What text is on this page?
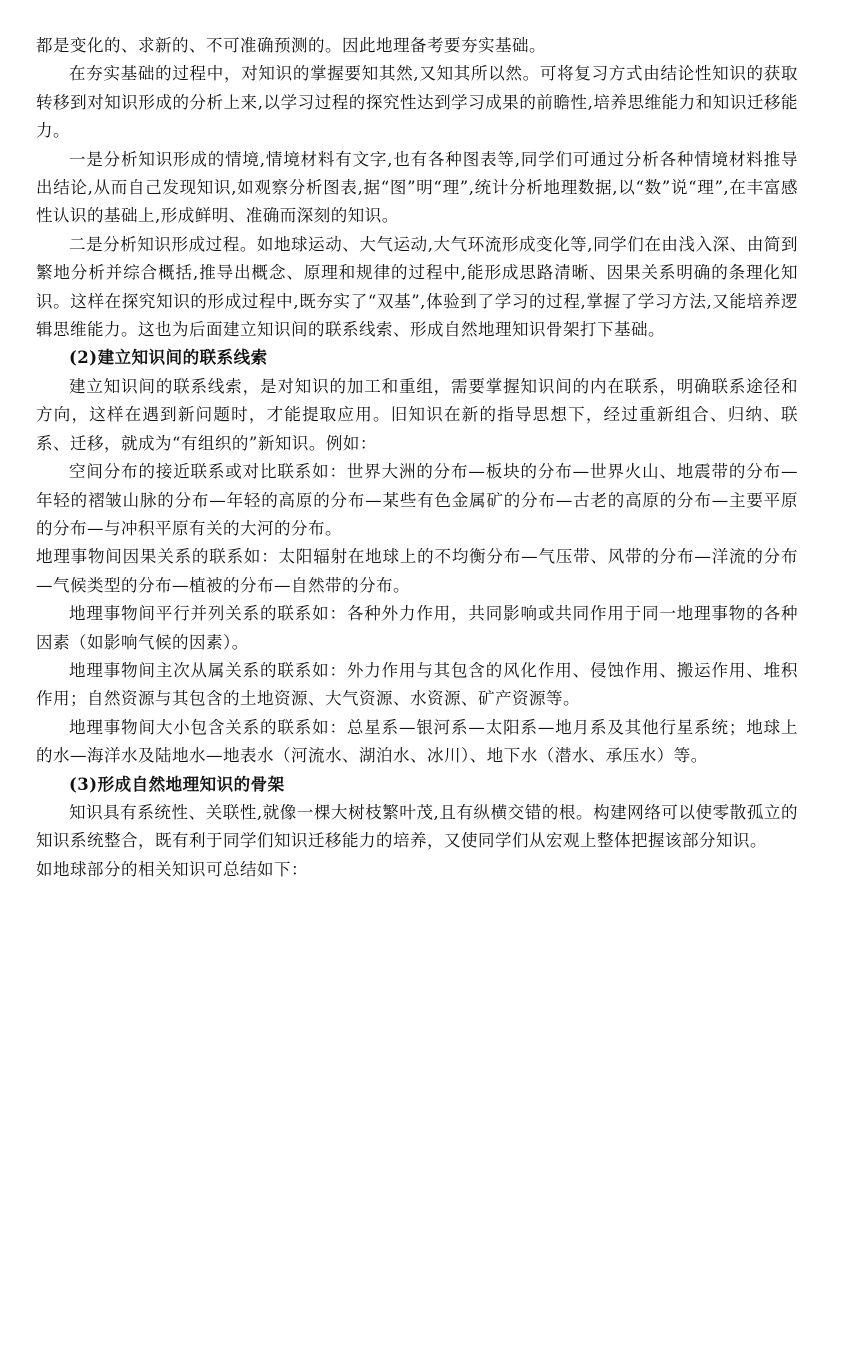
都是变化的、求新的、不可准确预测的。因此地理备考要夯实基础。

在夯实基础的过程中，对知识的掌握要知其然,又知其所以然。可将复习方式由结论性知识的获取转移到对知识形成的分析上来,以学习过程的探究性达到学习成果的前瞻性,培养思维能力和知识迁移能力。

一是分析知识形成的情境,情境材料有文字,也有各种图表等,同学们可通过分析各种情境材料推导出结论,从而自己发现知识,如观察分析图表,据“图”明“理”,统计分析地理数据,以“数”说“理”,在丰富感性认识的基础上,形成鲜明、准确而深刻的知识。

二是分析知识形成过程。如地球运动、大气运动,大气环流形成变化等,同学们在由浅入深、由简到繁地分析并综合概括,推导出概念、原理和规律的过程中,能形成思路清晰、因果关系明确的条理化知识。这样在探究知识的形成过程中,既夯实了“双基”,体验到了学习的过程,掌握了学习方法,又能培养逻辑思维能力。这也为后面建立知识间的联系线索、形成自然地理知识骨架打下基础。

(2)建立知识间的联系线索

建立知识间的联系线索，是对知识的加工和重组，需要掌握知识间的内在联系，明确联系途径和方向，这样在遇到新问题时，才能提取应用。旧知识在新的指导思想下，经过重新组合、归纳、联系、迁移，就成为“有组织的”新知识。例如：

空间分布的接近联系或对比联系如：世界大洲的分布—板块的分布—世界火山、地震带的分布—年轻的褶皱山脉的分布—年轻的高原的分布—某些有色金属矿的分布—古老的高原的分布—主要平原的分布—与冲积平原有关的大河的分布。

地理事物间因果关系的联系如：太阳辐射在地球上的不均衡分布—气压带、风带的分布—洋流的分布—气候类型的分布—植被的分布—自然带的分布。

地理事物间平行并列关系的联系如：各种外力作用，共同影响或共同作用于同一地理事物的各种因素（如影响气候的因素）。

地理事物间主次从属关系的联系如：外力作用与其包含的风化作用、侵蚀作用、搬运作用、堆积作用；自然资源与其包含的土地资源、大气资源、水资源、矿产资源等。

地理事物间大小包含关系的联系如：总星系—银河系—太阳系—地月系及其他行星系统；地球上的水—海洋水及陆地水—地表水（河流水、湖泊水、冰川）、地下水（潜水、承压水）等。

(3)形成自然地理知识的骨架

知识具有系统性、关联性,就像一棵大树枝繁叶茂,且有纵横交错的根。构建网络可以使零散孤立的知识系统整合，既有利于同学们知识迁移能力的培养，又使同学们从宏观上整体把握该部分知识。

如地球部分的相关知识可总结如下：
